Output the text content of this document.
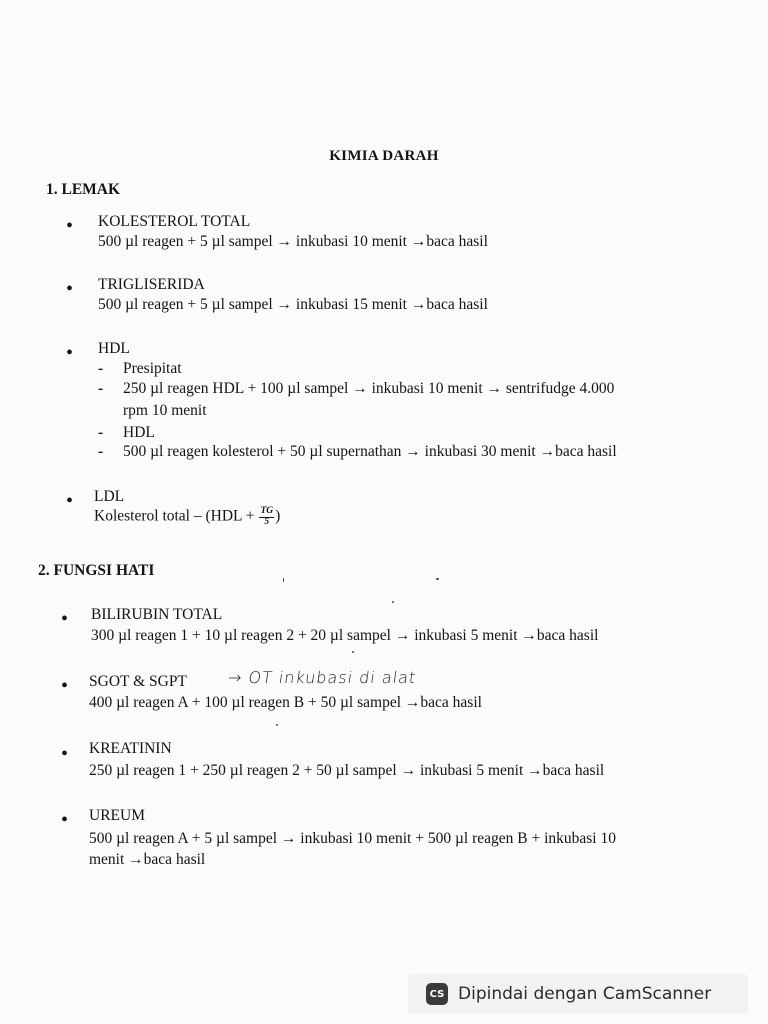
KIMIA DARAH
1. LEMAK
•
KOLESTEROL TOTAL
500 µl reagen + 5 µl sampel → inkubasi 10 menit →baca hasil
•
TRIGLISERIDA
500 µl reagen + 5 µl sampel → inkubasi 15 menit →baca hasil
•
HDL
- Presipitat
- 250 µl reagen HDL + 100 µl sampel → inkubasi 10 menit → sentrifudge 4.000
rpm 10 menit
- HDL
- 500 µl reagen kolesterol + 50 µl supernathan → inkubasi 30 menit →baca hasil
•
LDL
Kolesterol total – ($HDL + \frac{TG}{5}$ )
2. FUNGSI HATI
•
BILIRUBIN TOTAL
300 µl reagen 1 + 10 µl reagen 2 + 20 µl sampel → inkubasi 5 menit →baca hasil
•
SGOT & SGPT → OT inkubasi di alat
400 µl reagen A + 100 µl reagen B + 50 µl sampel →baca hasil
•
KREATININ
250 µl reagen 1 + 250 µl reagen 2 + 50 µl sampel → inkubasi 5 menit →baca hasil
•
UREUM
500 µl reagen A + 5 µl sampel → inkubasi 10 menit + 500 µl reagen B + inkubasi 10
menit →baca hasil
CS Dipindai dengan CamScanner
